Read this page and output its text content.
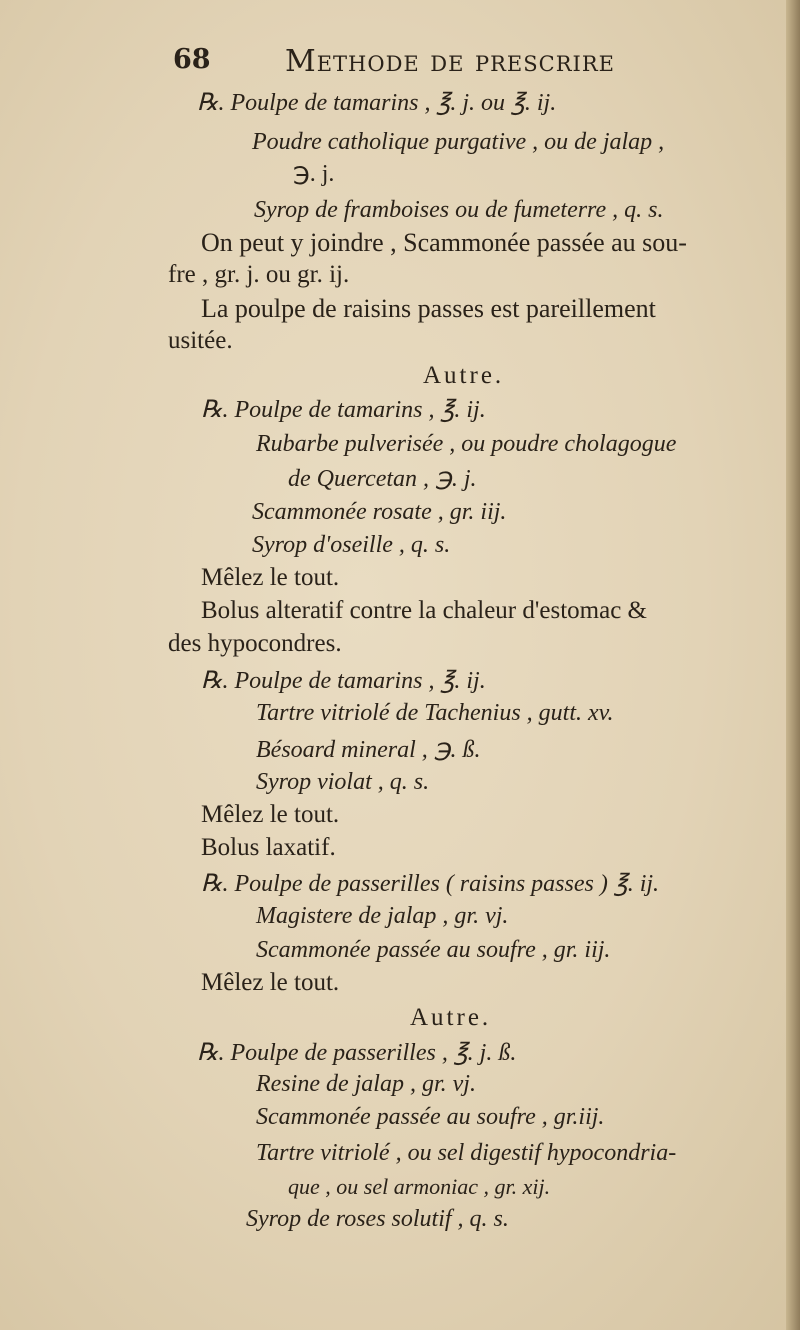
68 Methode de prescrire
℞. Poulpe de tamarins , ℥. j. ou ℥. ij.
Poudre catholique purgative , ou de jalap ,
℈. j.
Syrop de framboises ou de fumeterre , q. s.
On peut y joindre , Scammonée passée au sou-
fre , gr. j. ou gr. ij.
La poulpe de raisins passes est pareillement
usitée.
Autre.
℞. Poulpe de tamarins , ℥. ij.
Rubarbe pulverisée , ou poudre cholagogue
de Quercetan , ℈. j.
Scammonée rosate , gr. iij.
Syrop d'oseille , q. s.
Mêlez le tout.
Bolus alteratif contre la chaleur d'estomac &
des hypocondres.
℞. Poulpe de tamarins , ℥. ij.
Tartre vitriolé de Tachenius , gutt. xv.
Bésoard mineral , ℈. ß.
Syrop violat , q. s.
Mêlez le tout.
Bolus laxatif.
℞. Poulpe de passerilles ( raisins passes ) ℥. ij.
Magistere de jalap , gr. vj.
Scammonée passée au soufre , gr. iij.
Mêlez le tout.
Autre.
℞. Poulpe de passerilles , ℥. j. ß.
Resine de jalap , gr. vj.
Scammonée passée au soufre , gr.iij.
Tartre vitriolé , ou sel digestif hypocondria-
que , ou sel armoniac , gr. xij.
Syrop de roses solutif , q. s.
